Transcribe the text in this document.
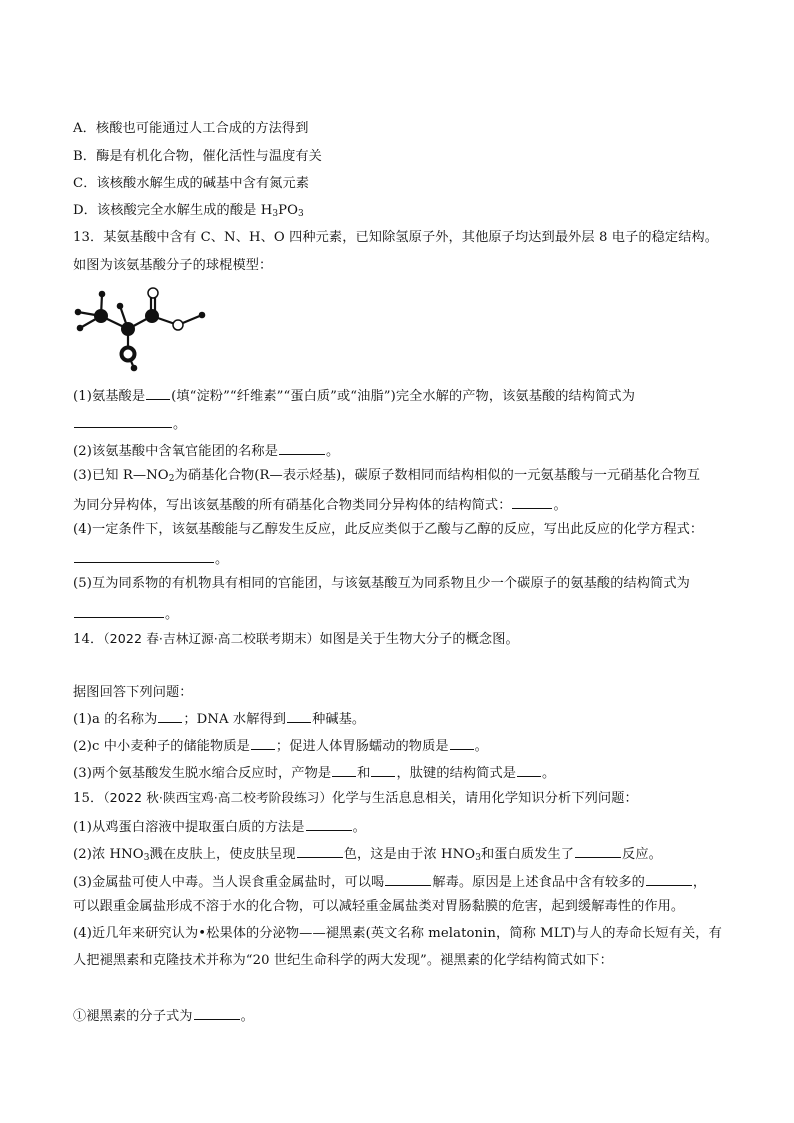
A．核酸也可能通过人工合成的方法得到
B．酶是有机化合物，催化活性与温度有关
C．该核酸水解生成的碱基中含有氮元素
D．该核酸完全水解生成的酸是 $H_3PO_3$
13．某氨基酸中含有 C、N、H、O 四种元素，已知除氢原子外，其他原子均达到最外层 8 电子的稳定结构。
如图为该氨基酸分子的球棍模型：
(1)氨基酸是 (填“淀粉”“纤维素”“蛋白质”或“油脂”)完全水解的产物，该氨基酸的结构简式为
。
(2)该氨基酸中含氧官能团的名称是	。
(3)已知 $R—NO_2$为硝基化合物(R—表示烃基)，碳原子数相同而结构相似的一元氨基酸与一元硝基化合物互
为同分异构体，写出该氨基酸的所有硝基化合物类同分异构体的结构简式：	。
(4)一定条件下，该氨基酸能与乙醇发生反应，此反应类似于乙酸与乙醇的反应，写出此反应的化学方程式：
。
(5)互为同系物的有机物具有相同的官能团，与该氨基酸互为同系物且少一个碳原子的氨基酸的结构简式为
。
14．（2022 春·吉林辽源·高二校联考期末）如图是关于生物大分子的概念图。
据图回答下列问题：
(1)a 的名称为 ；DNA 水解得到 种碱基。
(2)c 中小麦种子的储能物质是 ；促进人体胃肠蠕动的物质是 。
(3)两个氨基酸发生脱水缩合反应时，产物是 和 ，肽键的结构简式是 。
15．（2022 秋·陕西宝鸡·高二校考阶段练习）化学与生活息息相关，请用化学知识分析下列问题：
(1)从鸡蛋白溶液中提取蛋白质的方法是	。
(2)浓 $HNO_3$溅在皮肤上，使皮肤呈现	色，这是由于浓 $HNO_3$和蛋白质发生了	反应。
(3)金属盐可使人中毒。当人误食重金属盐时，可以喝	解毒。原因是上述食品中含有较多的	，
可以跟重金属盐形成不溶于水的化合物，可以减轻重金属盐类对胃肠黏膜的危害，起到缓解毒性的作用。
(4)近几年来研究认为•松果体的分泌物——褪黑素(英文名称 melatonin，简称 MLT)与人的寿命长短有关，有
人把褪黑素和克隆技术并称为“20 世纪生命科学的两大发现”。褪黑素的化学结构简式如下：
①褪黑素的分子式为	。
